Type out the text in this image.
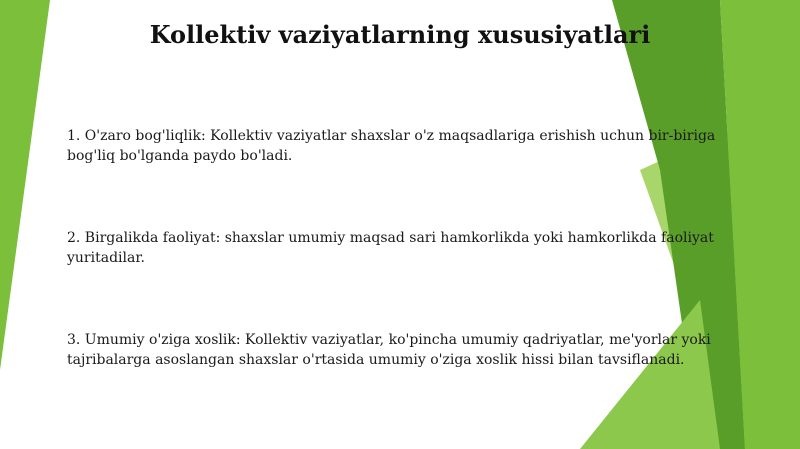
Kollektiv vaziyatlarning xususiyatlari

1. O'zaro bog'liqlik: Kollektiv vaziyatlar shaxslar o'z maqsadlariga erishish uchun bir-biriga bog'liq bo'lganda paydo bo'ladi.

2. Birgalikda faoliyat: shaxslar umumiy maqsad sari hamkorlikda yoki hamkorlikda faoliyat yuritadilar.

3. Umumiy o'ziga xoslik: Kollektiv vaziyatlar, ko'pincha umumiy qadriyatlar, me'yorlar yoki tajribalarga asoslangan shaxslar o'rtasida umumiy o'ziga xoslik hissi bilan tavsiflanadi.
